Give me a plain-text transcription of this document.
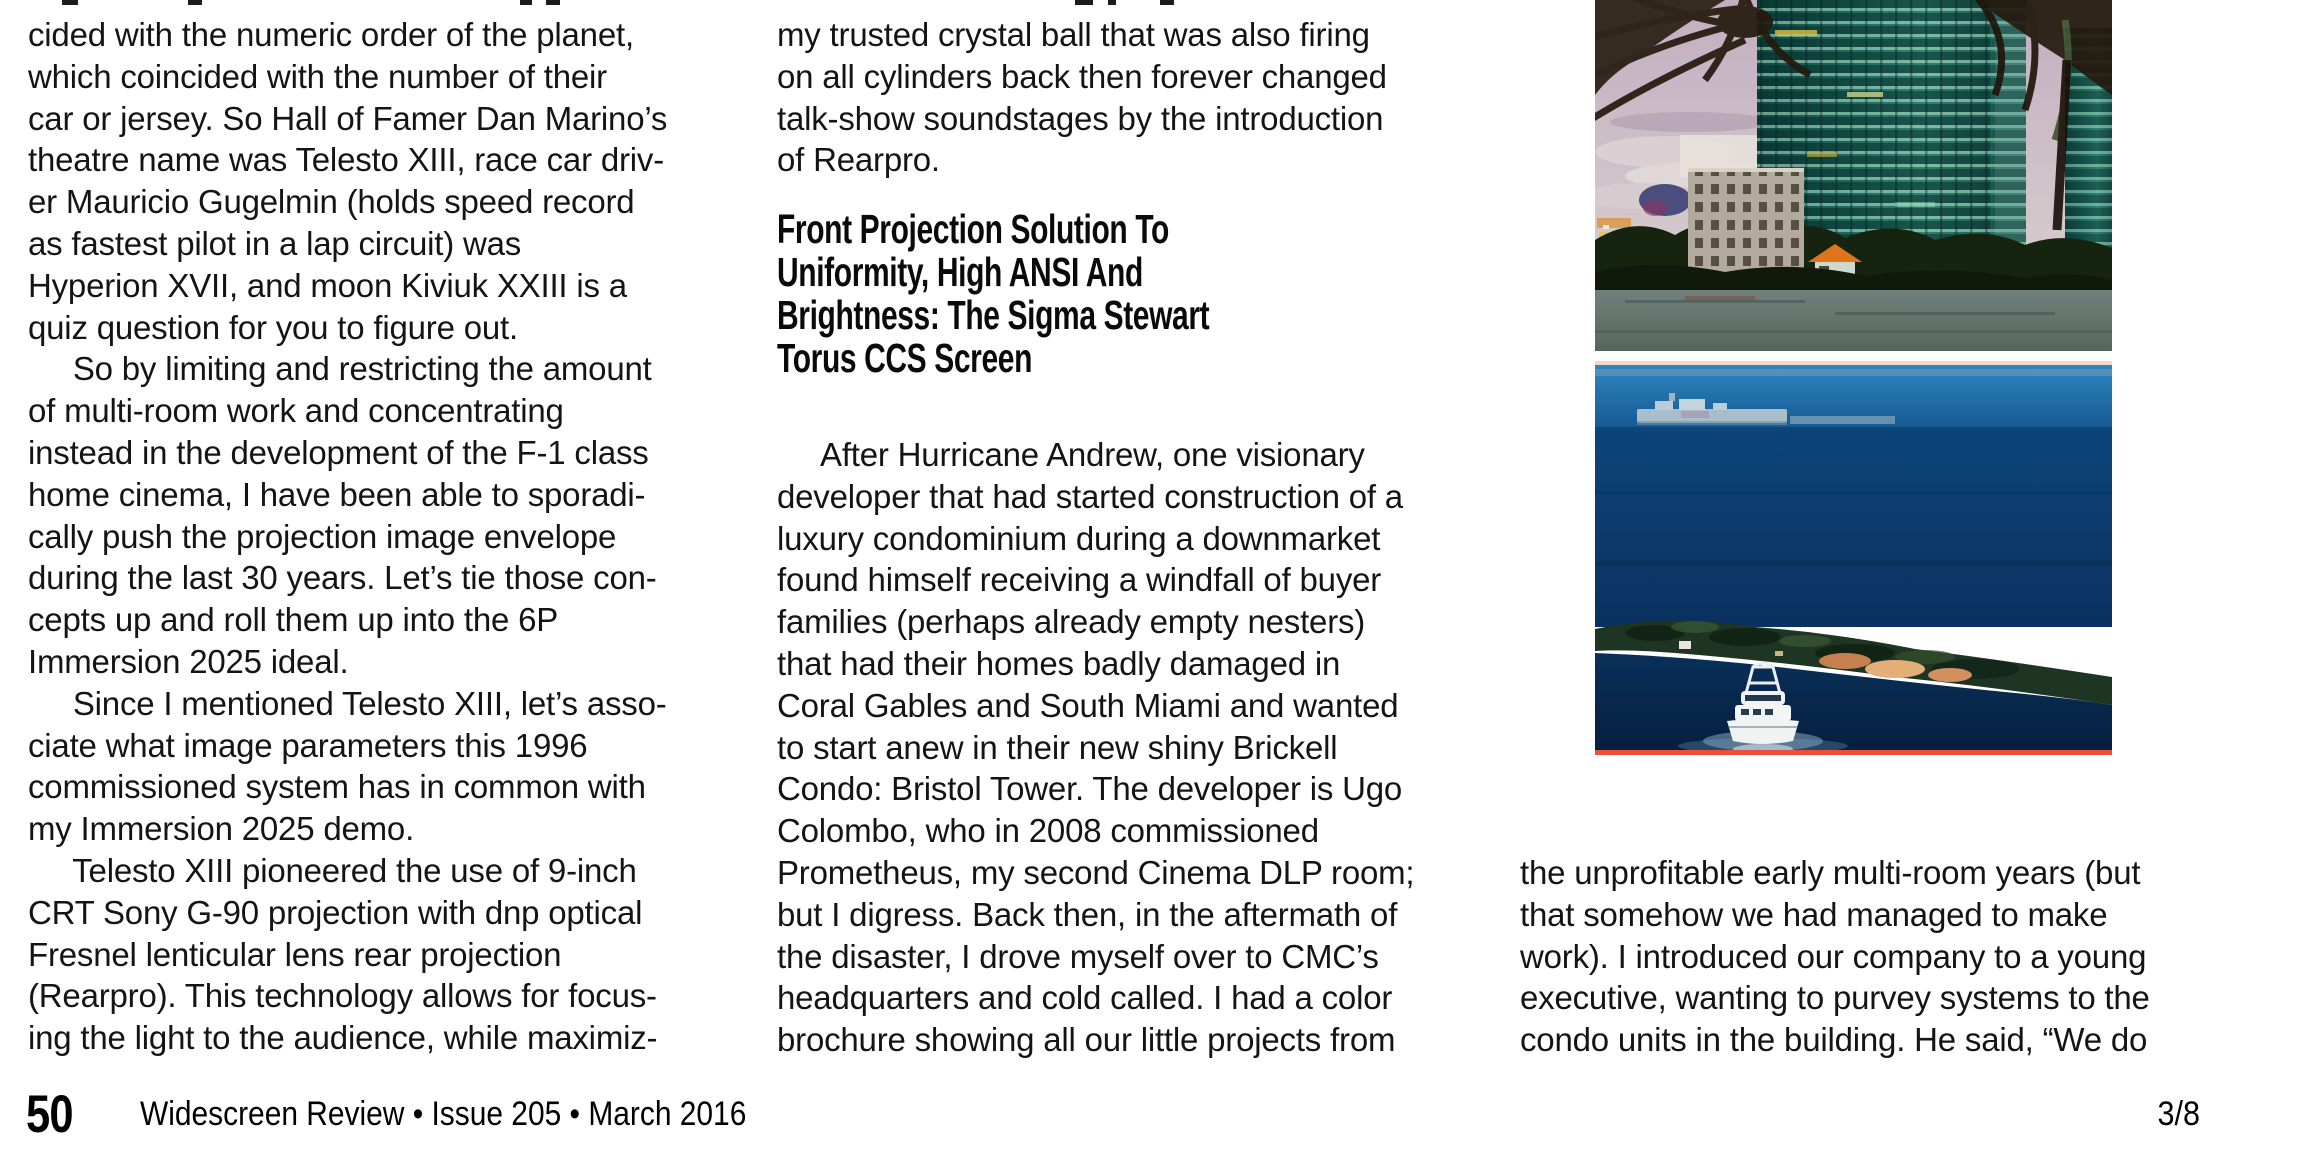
cided with the numeric order of the planet,
which coincided with the number of their
car or jersey. So Hall of Famer Dan Marino’s
theatre name was Telesto XIII, race car driv-
er Mauricio Gugelmin (holds speed record
as fastest pilot in a lap circuit) was
Hyperion XVII, and moon Kiviuk XXIII is a
quiz question for you to figure out.
So by limiting and restricting the amount
of multi-room work and concentrating
instead in the development of the F-1 class
home cinema, I have been able to sporadi-
cally push the projection image envelope
during the last 30 years. Let’s tie those con-
cepts up and roll them up into the 6P
Immersion 2025 ideal.
Since I mentioned Telesto XIII, let’s asso-
ciate what image parameters this 1996
commissioned system has in common with
my Immersion 2025 demo.
Telesto XIII pioneered the use of 9-inch
CRT Sony G-90 projection with dnp optical
Fresnel lenticular lens rear projection
(Rearpro). This technology allows for focus-
ing the light to the audience, while maximiz-
my trusted crystal ball that was also firing
on all cylinders back then forever changed
talk-show soundstages by the introduction
of Rearpro.
Front Projection Solution To
Uniformity, High ANSI And
Brightness: The Sigma Stewart
Torus CCS Screen
After Hurricane Andrew, one visionary
developer that had started construction of a
luxury condominium during a downmarket
found himself receiving a windfall of buyer
families (perhaps already empty nesters)
that had their homes badly damaged in
Coral Gables and South Miami and wanted
to start anew in their new shiny Brickell
Condo: Bristol Tower. The developer is Ugo
Colombo, who in 2008 commissioned
Prometheus, my second Cinema DLP room;
but I digress. Back then, in the aftermath of
the disaster, I drove myself over to CMC’s
headquarters and cold called. I had a color
brochure showing all our little projects from
the unprofitable early multi-room years (but
that somehow we had managed to make
work). I introduced our company to a young
executive, wanting to purvey systems to the
condo units in the building. He said, “We do
50 Widescreen Review • Issue 205 • March 2016	3/8
